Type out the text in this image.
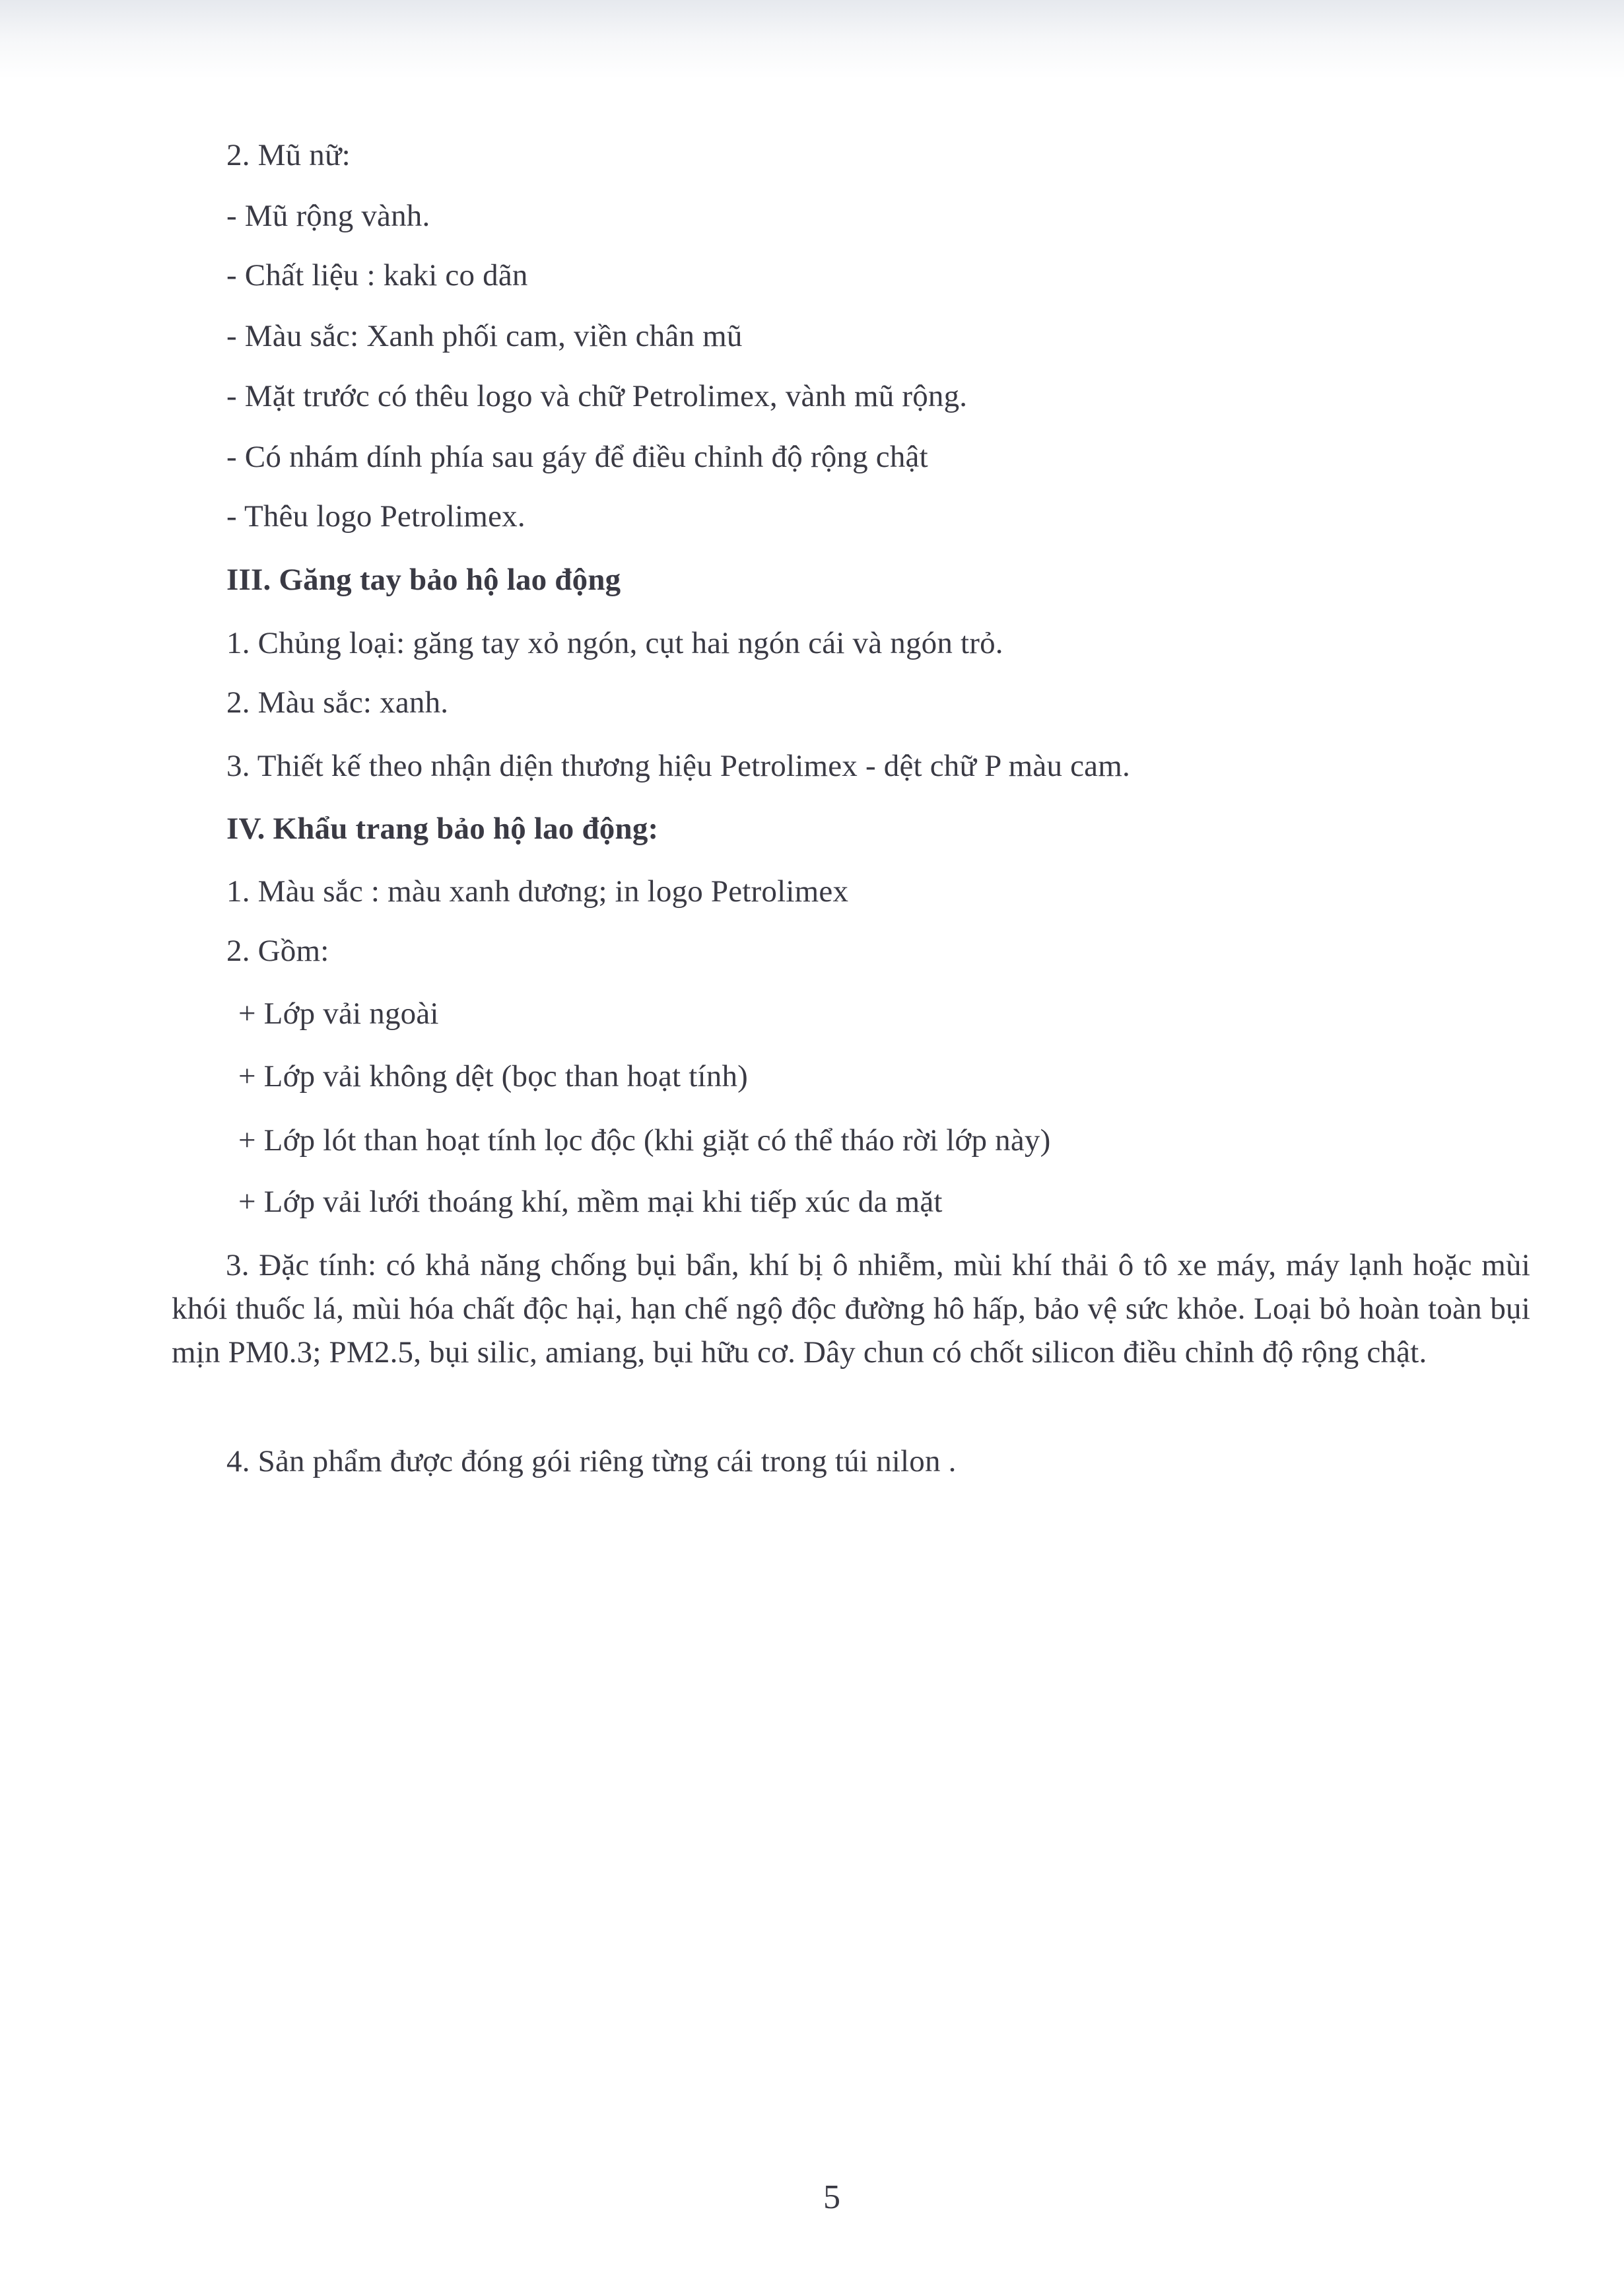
2. Mũ nữ:
- Mũ rộng vành.
- Chất liệu : kaki co dãn
- Màu sắc: Xanh phối cam, viền chân mũ
- Mặt trước có thêu logo và chữ Petrolimex, vành mũ rộng.
- Có nhám dính phía sau gáy để điều chỉnh độ rộng chật
- Thêu logo Petrolimex.
III. Găng tay bảo hộ lao động
1. Chủng loại: găng tay xỏ ngón, cụt hai ngón cái và ngón trỏ.
2. Màu sắc: xanh.
3. Thiết kế theo nhận diện thương hiệu Petrolimex - dệt chữ P màu cam.
IV. Khẩu trang bảo hộ lao động:
1. Màu sắc : màu xanh dương; in logo Petrolimex
2. Gồm:
+ Lớp vải ngoài
+ Lớp vải không dệt (bọc than hoạt tính)
+ Lớp lót than hoạt tính lọc độc (khi giặt có thể tháo rời lớp này)
+ Lớp vải lưới thoáng khí, mềm mại khi tiếp xúc da mặt
3. Đặc tính: có khả năng chống bụi bẩn, khí bị ô nhiễm, mùi khí thải ô tô xe máy, máy lạnh hoặc mùi khói thuốc lá, mùi hóa chất độc hại, hạn chế ngộ độc đường hô hấp, bảo vệ sức khỏe. Loại bỏ hoàn toàn bụi mịn PM0.3; PM2.5, bụi silic, amiang, bụi hữu cơ. Dây chun có chốt silicon điều chỉnh độ rộng chật.
4. Sản phẩm được đóng gói riêng từng cái trong túi nilon .
5
